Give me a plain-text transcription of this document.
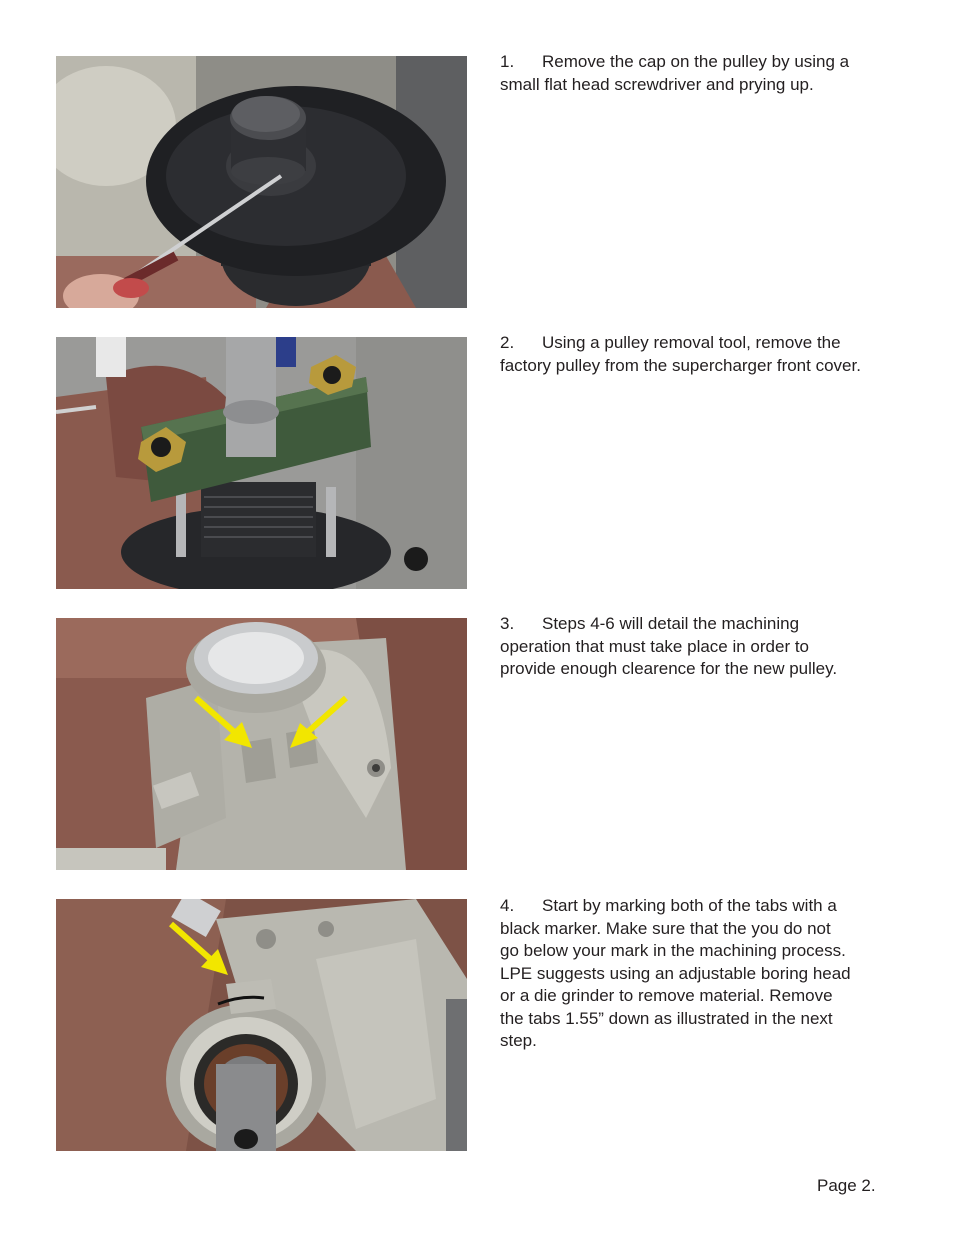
1. Remove the cap on the pulley by using a
small flat head screwdriver and prying up.

2. Using a pulley removal tool, remove the
factory pulley from the supercharger front cover.

3. Steps 4-6 will detail the machining
operation that must take place in order to
provide enough clearence for the new pulley.

4. Start by marking both of the tabs with a
black marker. Make sure that the you do not
go below your mark in the machining process.
LPE suggests using an adjustable boring head
or a die grinder to remove material. Remove
the tabs 1.55” down as illustrated in the next
step.

Page 2.
